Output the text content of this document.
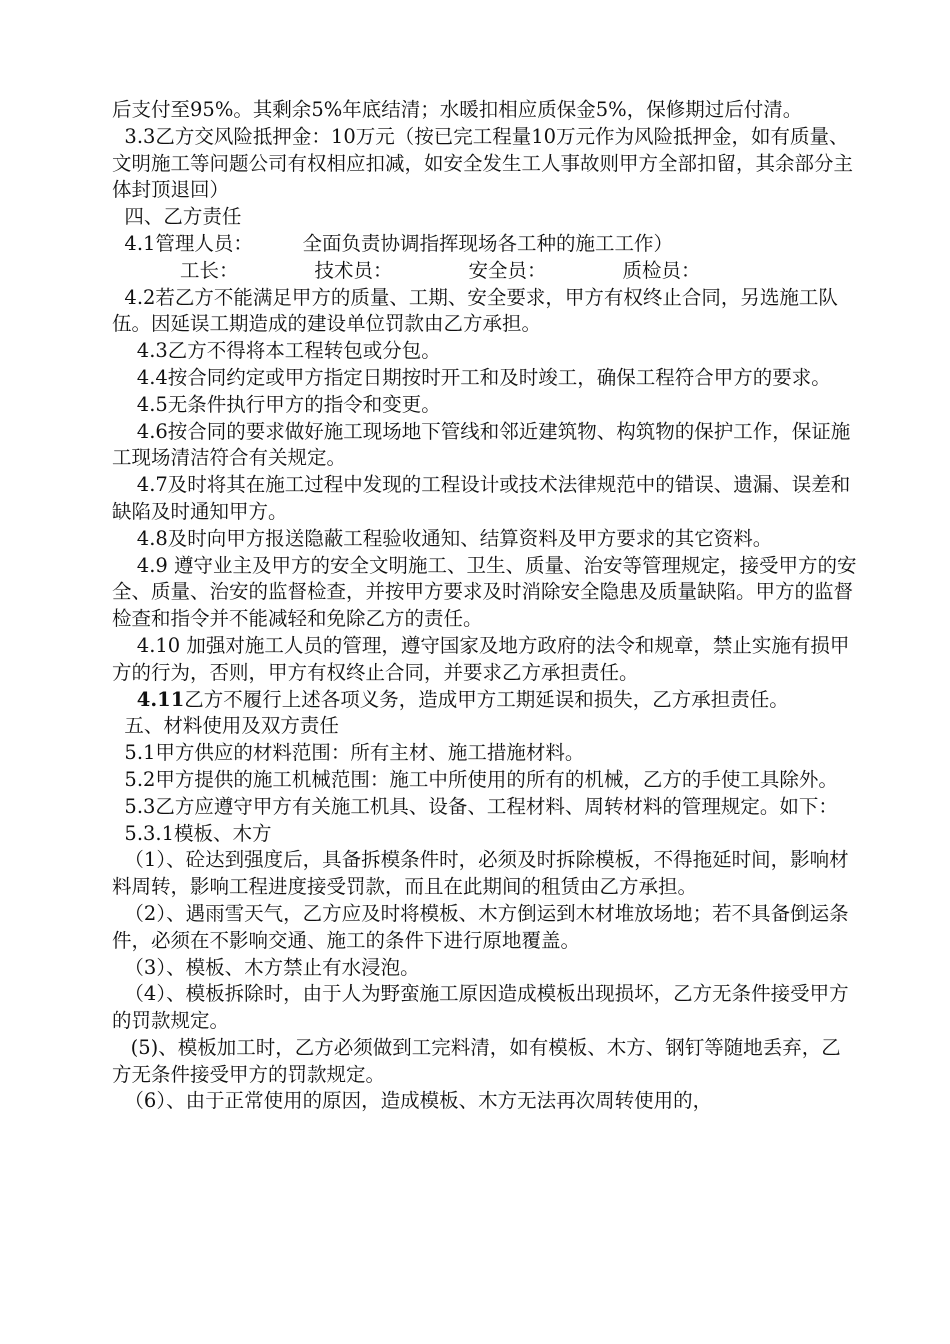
后支付至95%。其剩余5%年底结清；水暖扣相应质保金5%，保修期过后付清。

3.3乙方交风险抵押金：10万元（按已完工程量10万元作为风险抵押金，如有质量、文明施工等问题公司有权相应扣减，如安全发生工人事故则甲方全部扣留，其余部分主体封顶退回）

四、乙方责任

4.1管理人员：        全面负责协调指挥现场各工种的施工工作）

工长：	技术员：	安全员：	质检员：

4.2若乙方不能满足甲方的质量、工期、安全要求，甲方有权终止合同，另选施工队伍。因延误工期造成的建设单位罚款由乙方承担。

4.3乙方不得将本工程转包或分包。

4.4按合同约定或甲方指定日期按时开工和及时竣工，确保工程符合甲方的要求。

4.5无条件执行甲方的指令和变更。

4.6按合同的要求做好施工现场地下管线和邻近建筑物、构筑物的保护工作，保证施工现场清洁符合有关规定。

4.7及时将其在施工过程中发现的工程设计或技术法律规范中的错误、遗漏、误差和缺陷及时通知甲方。

4.8及时向甲方报送隐蔽工程验收通知、结算资料及甲方要求的其它资料。

4.9 遵守业主及甲方的安全文明施工、卫生、质量、治安等管理规定，接受甲方的安全、质量、治安的监督检查，并按甲方要求及时消除安全隐患及质量缺陷。甲方的监督检查和指令并不能减轻和免除乙方的责任。

4.10 加强对施工人员的管理，遵守国家及地方政府的法令和规章，禁止实施有损甲方的行为，否则，甲方有权终止合同，并要求乙方承担责任。

4.11乙方不履行上述各项义务，造成甲方工期延误和损失，乙方承担责任。

五、材料使用及双方责任

5.1甲方供应的材料范围：所有主材、施工措施材料。

5.2甲方提供的施工机械范围：施工中所使用的所有的机械，乙方的手使工具除外。

5.3乙方应遵守甲方有关施工机具、设备、工程材料、周转材料的管理规定。如下：

5.3.1模板、木方

（1）、砼达到强度后，具备拆模条件时，必须及时拆除模板，不得拖延时间，影响材料周转，影响工程进度接受罚款，而且在此期间的租赁由乙方承担。

（2）、遇雨雪天气，乙方应及时将模板、木方倒运到木材堆放场地；若不具备倒运条件，必须在不影响交通、施工的条件下进行原地覆盖。

（3）、模板、木方禁止有水浸泡。

（4）、模板拆除时，由于人为野蛮施工原因造成模板出现损坏，乙方无条件接受甲方的罚款规定。

(5)、模板加工时，乙方必须做到工完料清，如有模板、木方、钢钉等随地丢弃，乙方无条件接受甲方的罚款规定。

（6）、由于正常使用的原因，造成模板、木方无法再次周转使用的，
